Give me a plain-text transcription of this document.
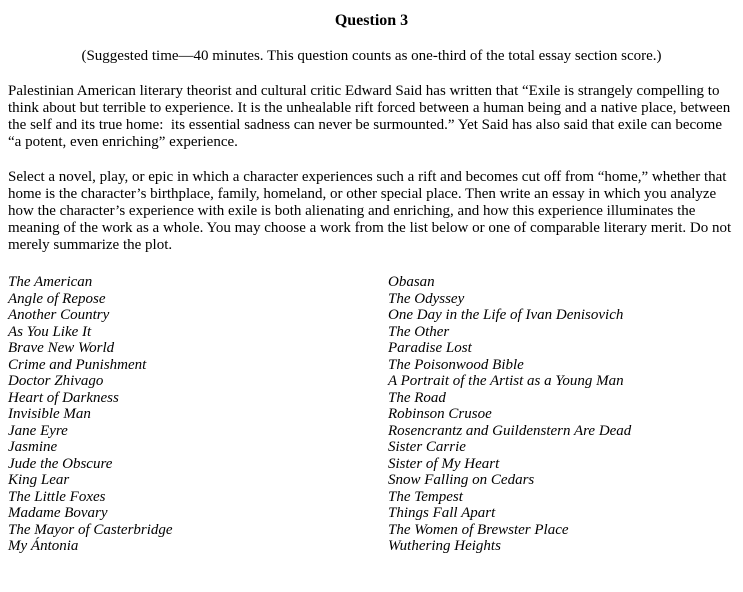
Question 3
(Suggested time—40 minutes. This question counts as one-third of the total essay section score.)
Palestinian American literary theorist and cultural critic Edward Said has written that “Exile is strangely compelling to think about but terrible to experience. It is the unhealable rift forced between a human being and a native place, between the self and its true home:  its essential sadness can never be surmounted.” Yet Said has also said that exile can become “a potent, even enriching” experience.
Select a novel, play, or epic in which a character experiences such a rift and becomes cut off from “home,” whether that home is the character’s birthplace, family, homeland, or other special place. Then write an essay in which you analyze how the character’s experience with exile is both alienating and enriching, and how this experience illuminates the meaning of the work as a whole. You may choose a work from the list below or one of comparable literary merit. Do not merely summarize the plot.
The American
Angle of Repose
Another Country
As You Like It
Brave New World
Crime and Punishment
Doctor Zhivago
Heart of Darkness
Invisible Man
Jane Eyre
Jasmine
Jude the Obscure
King Lear
The Little Foxes
Madame Bovary
The Mayor of Casterbridge
My Ántonia
Obasan
The Odyssey
One Day in the Life of Ivan Denisovich
The Other
Paradise Lost
The Poisonwood Bible
A Portrait of the Artist as a Young Man
The Road
Robinson Crusoe
Rosencrantz and Guildenstern Are Dead
Sister Carrie
Sister of My Heart
Snow Falling on Cedars
The Tempest
Things Fall Apart
The Women of Brewster Place
Wuthering Heights
